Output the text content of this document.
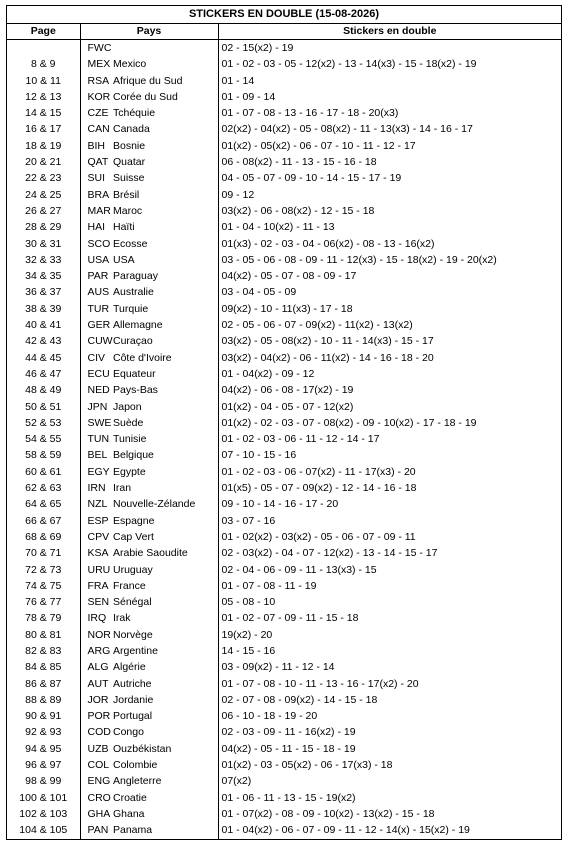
STICKERS EN DOUBLE (15-08-2026)
Page	Pays		Stickers en double
	FWC		02 - 15(x2) - 19
8 & 9	MEX	Mexico	01 - 02 - 03 - 05 - 12(x2) - 13 - 14(x3) - 15 - 18(x2) - 19
10 & 11	RSA	Afrique du Sud	01 - 14
12 & 13	KOR	Corée du Sud	01 - 09 - 14
14 & 15	CZE	Tchéquie	01 - 07 - 08 - 13 - 16 - 17 - 18 - 20(x3)
16 & 17	CAN	Canada	02(x2) - 04(x2) - 05 - 08(x2) - 11 - 13(x3) - 14 - 16 - 17
18 & 19	BIH	Bosnie	01(x2) - 05(x2) - 06 - 07 - 10 - 11 - 12 - 17
20 & 21	QAT	Quatar	06 - 08(x2) - 11 - 13 - 15 - 16 - 18
22 & 23	SUI	Suisse	04 - 05 - 07 - 09 - 10 - 14 - 15 - 17 - 19
24 & 25	BRA	Brésil	09 - 12
26 & 27	MAR	Maroc	03(x2) - 06 - 08(x2) - 12 - 15 - 18
28 & 29	HAI	Haïti	01 - 04 - 10(x2) - 11 - 13
30 & 31	SCO	Ecosse	01(x3) - 02 - 03 - 04 - 06(x2) - 08 - 13 - 16(x2)
32 & 33	USA	USA	03 - 05 - 06 - 08 - 09 - 11 - 12(x3) - 15 - 18(x2) - 19 - 20(x2)
34 & 35	PAR	Paraguay	04(x2) - 05 - 07 - 08 - 09 - 17
36 & 37	AUS	Australie	03 - 04 - 05 - 09
38 & 39	TUR	Turquie	09(x2) - 10 - 11(x3) - 17 - 18
40 & 41	GER	Allemagne	02 - 05 - 06 - 07 - 09(x2) - 11(x2) - 13(x2)
42 & 43	CUW	Curaçao	03(x2) - 05 - 08(x2) - 10 - 11 - 14(x3) - 15 - 17
44 & 45	CIV	Côte d'Ivoire	03(x2) - 04(x2) - 06 - 11(x2) - 14 - 16 - 18 - 20
46 & 47	ECU	Equateur	01 - 04(x2) - 09 - 12
48 & 49	NED	Pays-Bas	04(x2) - 06 - 08 - 17(x2) - 19
50 & 51	JPN	Japon	01(x2) - 04 - 05 - 07 - 12(x2)
52 & 53	SWE	Suède	01(x2) - 02 - 03 - 07 - 08(x2) - 09 - 10(x2) - 17 - 18 - 19
54 & 55	TUN	Tunisie	01 - 02 - 03 - 06 - 11 - 12 - 14 - 17
58 & 59	BEL	Belgique	07 - 10 - 15 - 16
60 & 61	EGY	Egypte	01 - 02 - 03 - 06 - 07(x2) - 11 - 17(x3) - 20
62 & 63	IRN	Iran	01(x5) - 05 - 07 - 09(x2) - 12 - 14 - 16 - 18
64 & 65	NZL	Nouvelle-Zélande	09 - 10 - 14 - 16 - 17 - 20
66 & 67	ESP	Espagne	03 - 07 - 16
68 & 69	CPV	Cap Vert	01 - 02(x2) - 03(x2) - 05 - 06 - 07 - 09 - 11
70 & 71	KSA	Arabie Saoudite	02 - 03(x2) - 04 - 07 - 12(x2) - 13 - 14 - 15 - 17
72 & 73	URU	Uruguay	02 - 04 - 06 - 09 - 11 - 13(x3) - 15
74 & 75	FRA	France	01 - 07 - 08 - 11 - 19
76 & 77	SEN	Sénégal	05 - 08 - 10
78 & 79	IRQ	Irak	01 - 02 - 07 - 09 - 11 - 15 - 18
80 & 81	NOR	Norvège	19(x2) - 20
82 & 83	ARG	Argentine	14 - 15 - 16
84 & 85	ALG	Algérie	03 - 09(x2) - 11 - 12 - 14
86 & 87	AUT	Autriche	01 - 07 - 08 - 10 - 11 - 13 - 16 - 17(x2) - 20
88 & 89	JOR	Jordanie	02 - 07 - 08 - 09(x2) - 14 - 15 - 18
90 & 91	POR	Portugal	06 - 10 - 18 - 19 - 20
92 & 93	COD	Congo	02 - 03 - 09 - 11 - 16(x2) - 19
94 & 95	UZB	Ouzbékistan	04(x2) - 05 - 11 - 15 - 18 - 19
96 & 97	COL	Colombie	01(x2) - 03 - 05(x2) - 06 - 17(x3) - 18
98 & 99	ENG	Angleterre	07(x2)
100 & 101	CRO	Croatie	01 - 06 - 11 - 13 - 15 - 19(x2)
102 & 103	GHA	Ghana	01 - 07(x2) - 08 - 09 - 10(x2) - 13(x2) - 15 - 18
104 & 105	PAN	Panama	01 - 04(x2) - 06 - 07 - 09 - 11 - 12 - 14(x) - 15(x2) - 19
